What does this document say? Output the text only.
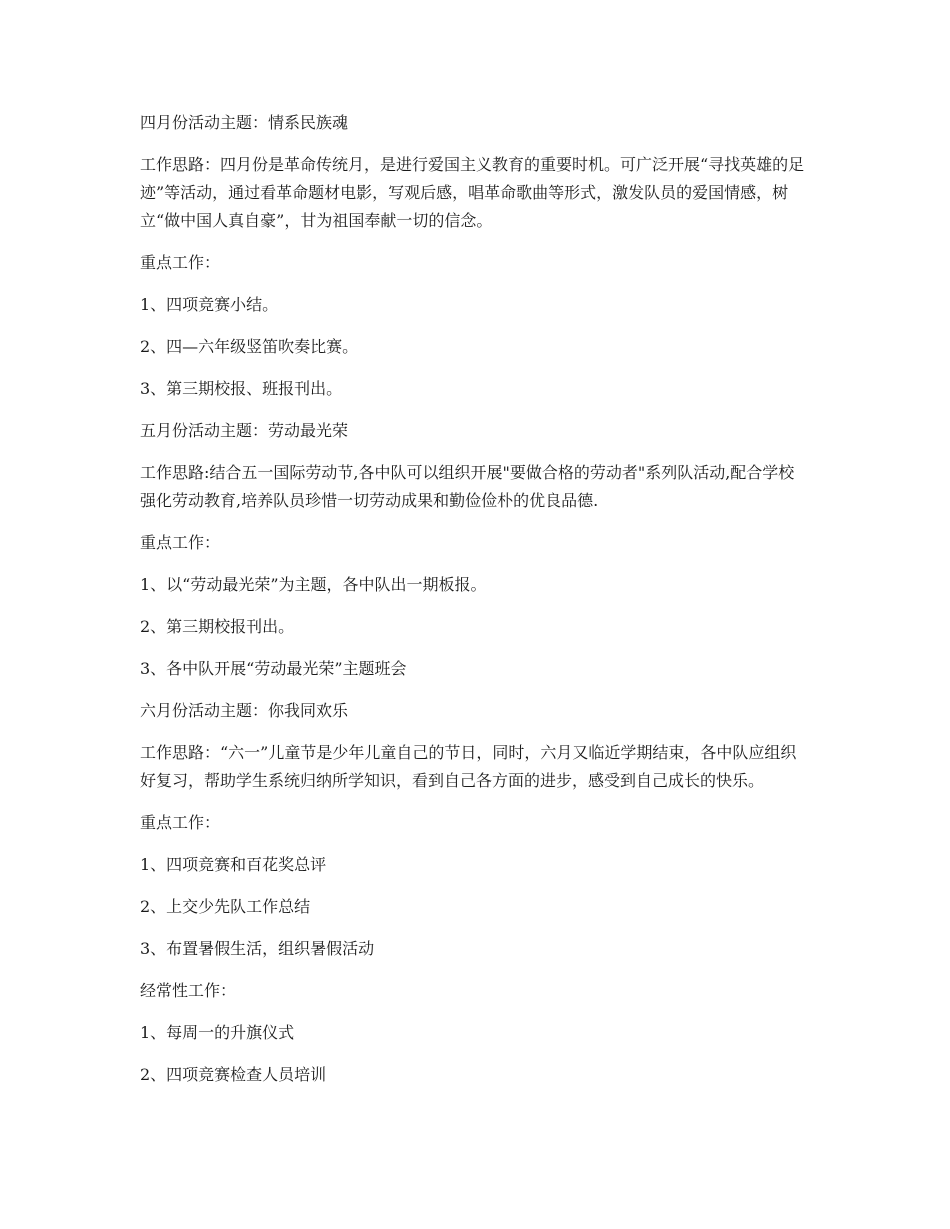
四月份活动主题：情系民族魂

工作思路：四月份是革命传统月，是进行爱国主义教育的重要时机。可广泛开展“寻找英雄的足迹”等活动，通过看革命题材电影，写观后感，唱革命歌曲等形式，激发队员的爱国情感，树立“做中国人真自豪”，甘为祖国奉献一切的信念。

重点工作：

1、四项竞赛小结。

2、四—六年级竖笛吹奏比赛。

3、第三期校报、班报刊出。

五月份活动主题：劳动最光荣

工作思路:结合五一国际劳动节,各中队可以组织开展"要做合格的劳动者"系列队活动,配合学校强化劳动教育,培养队员珍惜一切劳动成果和勤俭俭朴的优良品德.

重点工作：

1、以“劳动最光荣”为主题，各中队出一期板报。

2、第三期校报刊出。

3、各中队开展“劳动最光荣”主题班会

六月份活动主题：你我同欢乐

工作思路：“六一”儿童节是少年儿童自己的节日，同时，六月又临近学期结束，各中队应组织好复习，帮助学生系统归纳所学知识，看到自己各方面的进步，感受到自己成长的快乐。

重点工作：

1、四项竞赛和百花奖总评

2、上交少先队工作总结

3、布置暑假生活，组织暑假活动

经常性工作：

1、每周一的升旗仪式

2、四项竞赛检查人员培训
